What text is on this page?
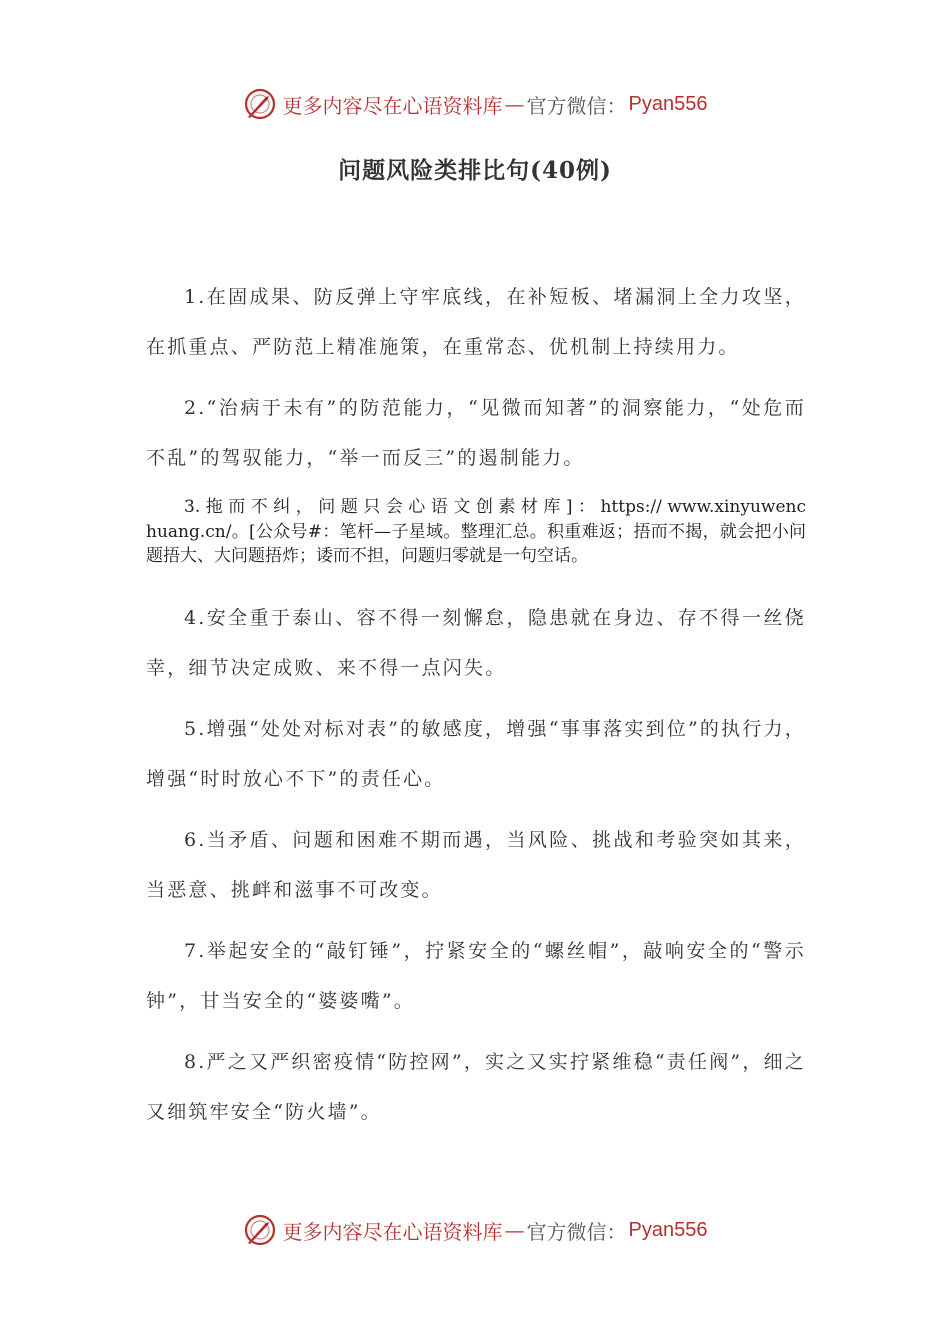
更多内容尽在心语资料库 — 官方微信： Pyan556
问题风险类排比句(40例)

1.在固成果、防反弹上守牢底线，在补短板、堵漏洞上全力攻坚，在抓重点、严防范上精准施策，在重常态、优机制上持续用力。

2.“治病于未有”的防范能力，“见微而知著”的洞察能力，“处危而不乱”的驾驭能力，“举一而反三”的遏制能力。

3. 拖 而 不 纠 ， 问 题 只 会 心 语 文 创 素 材 库 ] ： https:// www.xinyuwenchuang.cn/。[公众号#：笔杆—子星域。整理汇总。积重难返；捂而不揭，就会把小问题捂大、大问题捂炸；诿而不担，问题归零就是一句空话。

4.安全重于泰山、容不得一刻懈怠，隐患就在身边、存不得一丝侥幸，细节决定成败、来不得一点闪失。

5.增强“处处对标对表”的敏感度，增强“事事落实到位”的执行力，增强“时时放心不下”的责任心。

6.当矛盾、问题和困难不期而遇，当风险、挑战和考验突如其来，当恶意、挑衅和滋事不可改变。

7.举起安全的“敲钉锤”，拧紧安全的“螺丝帽”，敲响安全的“警示钟”，甘当安全的“婆婆嘴”。

8.严之又严织密疫情“防控网”，实之又实拧紧维稳“责任阀”，细之又细筑牢安全“防火墙”。

更多内容尽在心语资料库 — 官方微信： Pyan556
